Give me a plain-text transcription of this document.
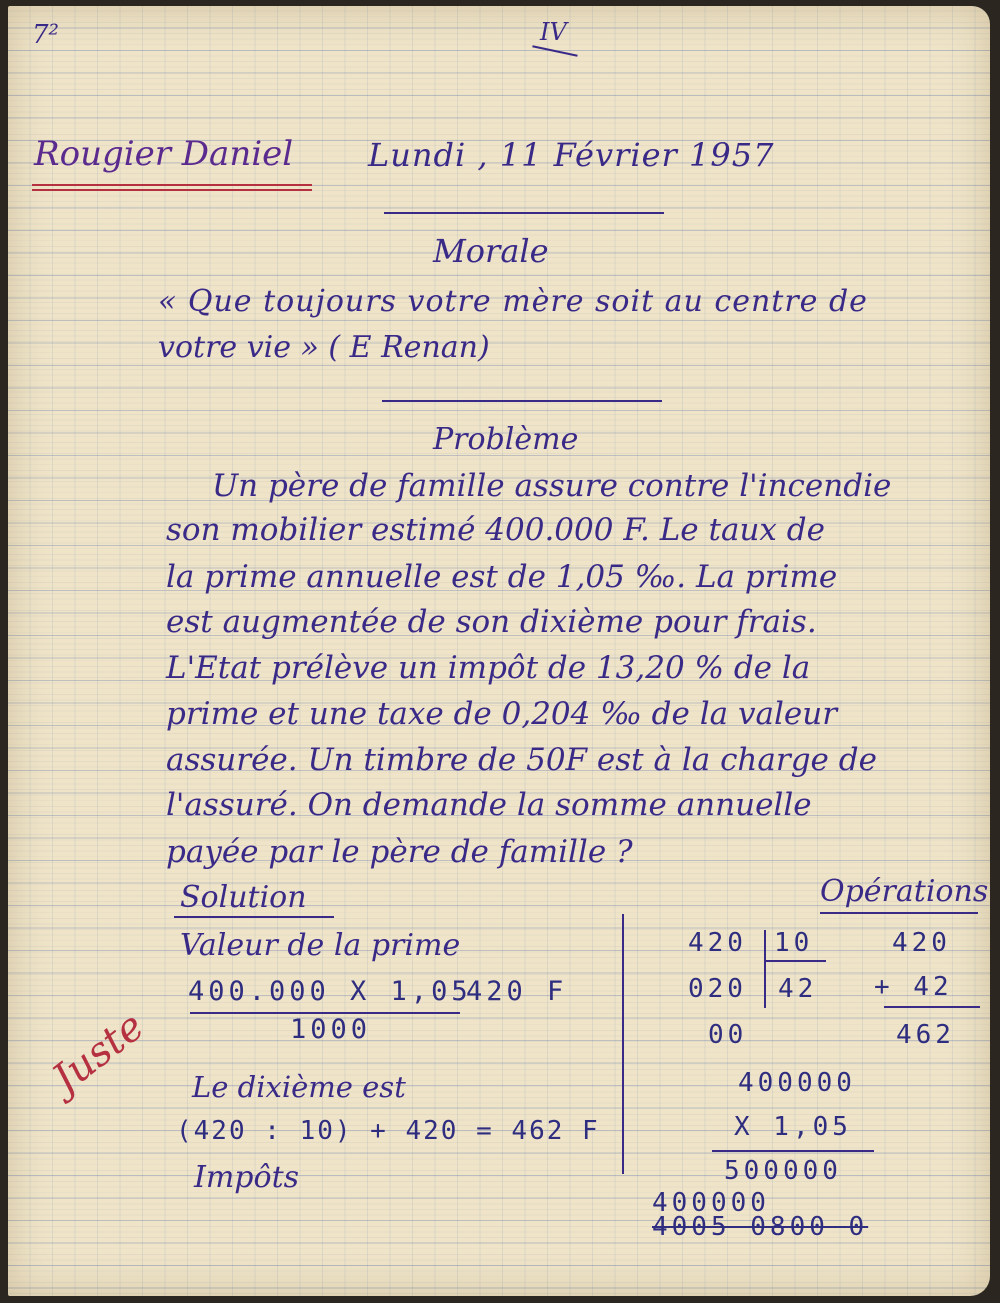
7²	IV
Rougier Daniel Lundi , 11 Février 1957
Morale
« Que toujours votre mère soit au centre de
votre vie » ( E Renan)
Problème
Un père de famille assure contre l'incendie
son mobilier estimé 400.000 F. Le taux de
la prime annuelle est de 1,05 ‰. La prime
est augmentée de son dixième pour frais.
L'Etat prélève un impôt de 13,20 % de la
prime et une taxe de 0,204 ‰ de la valeur
assurée. Un timbre de 50F est à la charge de
l'assuré. On demande la somme annuelle
payée par le père de famille ?
Solution
Valeur de la prime
400.000 X 1,05
420 F
1000
Le dixième est
(420 : 10) + 420 = 462 F
Impôts
Juste
Opérations
420
020
00
10
42
420
+ 42
462
400000
X 1,05
500000
400000
4005 0800 0
